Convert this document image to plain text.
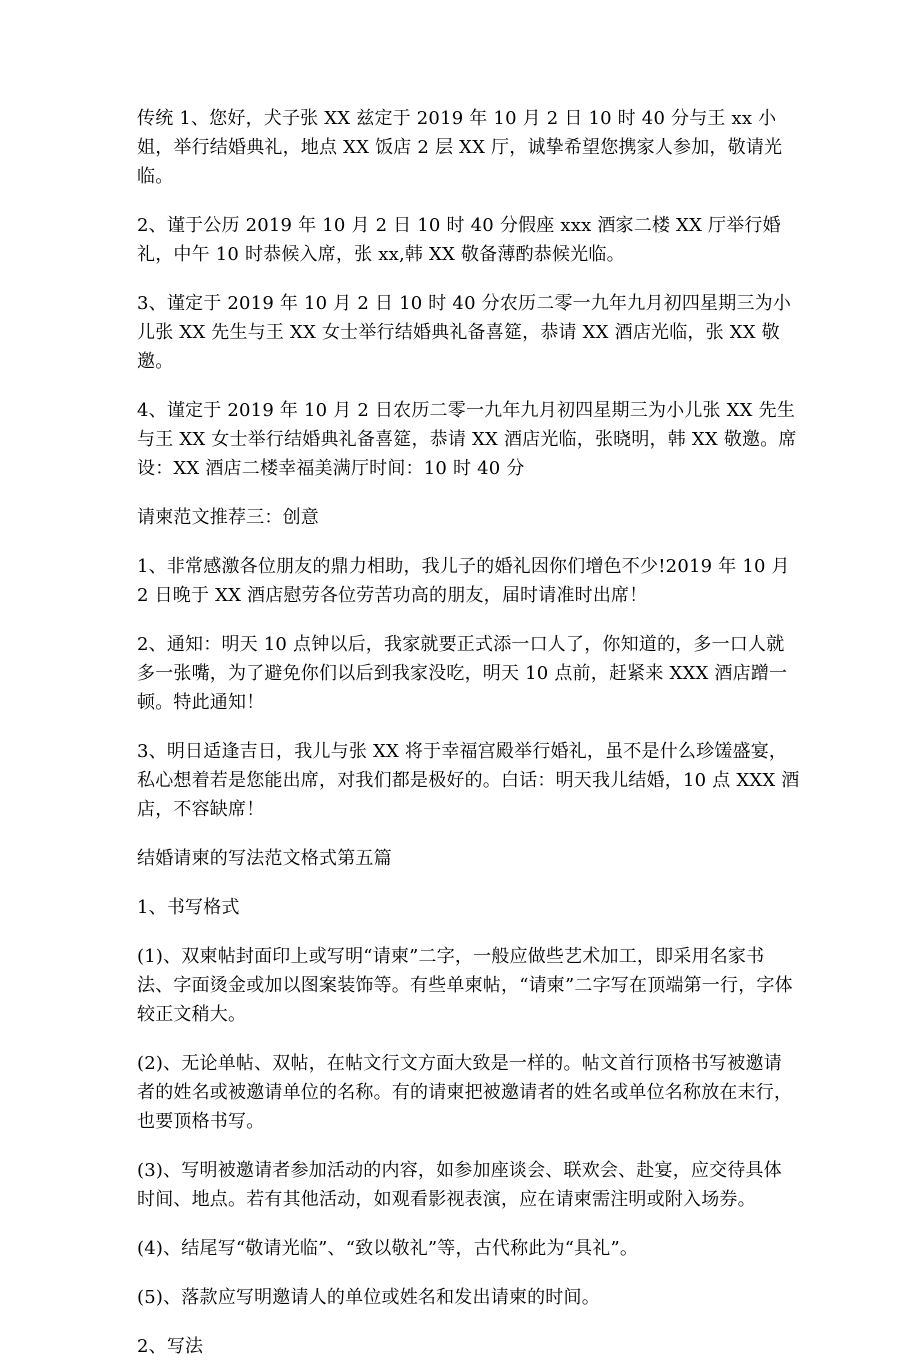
传统 1、您好，犬子张 XX 兹定于 2019 年 10 月 2 日 10 时 40 分与王 xx 小姐，举行结婚典礼，地点 XX 饭店 2 层 XX 厅，诚挚希望您携家人参加，敬请光临。

2、谨于公历 2019 年 10 月 2 日 10 时 40 分假座 xxx 酒家二楼 XX 厅举行婚礼，中午 10 时恭候入席，张 xx,韩 XX 敬备薄酌恭候光临。

3、谨定于 2019 年 10 月 2 日 10 时 40 分农历二零一九年九月初四星期三为小儿张 XX 先生与王 XX 女士举行结婚典礼备喜筵，恭请 XX 酒店光临，张 XX 敬邀。

4、谨定于 2019 年 10 月 2 日农历二零一九年九月初四星期三为小儿张 XX 先生与王 XX 女士举行结婚典礼备喜筵，恭请 XX 酒店光临，张晓明，韩 XX 敬邀。席设：XX 酒店二楼幸福美满厅时间：10 时 40 分

请柬范文推荐三：创意

1、非常感激各位朋友的鼎力相助，我儿子的婚礼因你们增色不少!2019 年 10 月 2 日晚于 XX 酒店慰劳各位劳苦功高的朋友，届时请准时出席！

2、通知：明天 10 点钟以后，我家就要正式添一口人了，你知道的，多一口人就多一张嘴，为了避免你们以后到我家没吃，明天 10 点前，赶紧来 XXX 酒店蹭一顿。特此通知！

3、明日适逢吉日，我儿与张 XX 将于幸福宫殿举行婚礼，虽不是什么珍馐盛宴，私心想着若是您能出席，对我们都是极好的。白话：明天我儿结婚，10 点 XXX 酒店，不容缺席！

结婚请柬的写法范文格式第五篇

1、书写格式

(1)、双柬帖封面印上或写明“请柬”二字，一般应做些艺术加工，即采用名家书法、字面烫金或加以图案装饰等。有些单柬帖，“请柬”二字写在顶端第一行，字体较正文稍大。

(2)、无论单帖、双帖，在帖文行文方面大致是一样的。帖文首行顶格书写被邀请者的姓名或被邀请单位的名称。有的请柬把被邀请者的姓名或单位名称放在末行，也要顶格书写。

(3)、写明被邀请者参加活动的内容，如参加座谈会、联欢会、赴宴，应交待具体时间、地点。若有其他活动，如观看影视表演，应在请柬需注明或附入场券。

(4)、结尾写“敬请光临”、“致以敬礼”等，古代称此为“具礼”。

(5)、落款应写明邀请人的单位或姓名和发出请柬的时间。

2、写法
